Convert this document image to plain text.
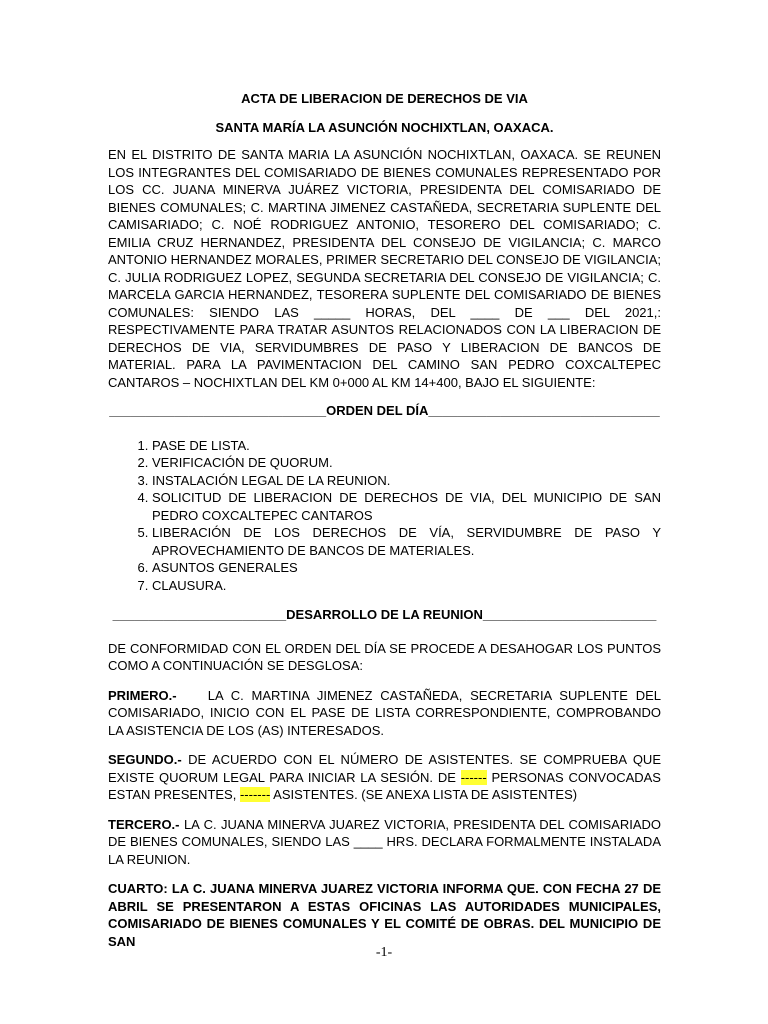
ACTA DE LIBERACION DE DERECHOS DE VIA

SANTA MARÍA LA ASUNCIÓN NOCHIXTLAN, OAXACA.

EN EL DISTRITO DE SANTA MARIA LA ASUNCIÓN NOCHIXTLAN, OAXACA. SE REUNEN LOS INTEGRANTES DEL COMISARIADO DE BIENES COMUNALES REPRESENTADO POR LOS CC. JUANA MINERVA JUÁREZ VICTORIA, PRESIDENTA DEL COMISARIADO DE BIENES COMUNALES; C. MARTINA JIMENEZ CASTAÑEDA, SECRETARIA SUPLENTE DEL CAMISARIADO; C. NOÉ RODRIGUEZ ANTONIO, TESORERO DEL COMISARIADO; C. EMILIA CRUZ HERNANDEZ, PRESIDENTA DEL CONSEJO DE VIGILANCIA; C. MARCO ANTONIO HERNANDEZ MORALES, PRIMER SECRETARIO DEL CONSEJO DE VIGILANCIA; C. JULIA RODRIGUEZ LOPEZ, SEGUNDA SECRETARIA DEL CONSEJO DE VIGILANCIA; C. MARCELA GARCIA HERNANDEZ, TESORERA SUPLENTE DEL COMISARIADO DE BIENES COMUNALES: SIENDO LAS _____ HORAS, DEL ____ DE ___ DEL 2021,: RESPECTIVAMENTE PARA TRATAR ASUNTOS RELACIONADOS CON LA LIBERACION DE DERECHOS DE VIA, SERVIDUMBRES DE PASO Y LIBERACION DE BANCOS DE MATERIAL. PARA LA PAVIMENTACION DEL CAMINO SAN PEDRO COXCALTEPEC CANTAROS – NOCHIXTLAN DEL KM 0+000 AL KM 14+400, BAJO EL SIGUIENTE:

______________________________ORDEN DEL DÍA________________________________

1. PASE DE LISTA.
2. VERIFICACIÓN DE QUORUM.
3. INSTALACIÓN LEGAL DE LA REUNION.
4. SOLICITUD DE LIBERACION DE DERECHOS DE VIA, DEL MUNICIPIO DE SAN PEDRO COXCALTEPEC CANTAROS
5. LIBERACIÓN DE LOS DERECHOS DE VÍA, SERVIDUMBRE DE PASO Y APROVECHAMIENTO DE BANCOS DE MATERIALES.
6. ASUNTOS GENERALES
7. CLAUSURA.

________________________DESARROLLO DE LA REUNION________________________

DE CONFORMIDAD CON EL ORDEN DEL DÍA SE PROCEDE A DESAHOGAR LOS PUNTOS COMO A CONTINUACIÓN SE DESGLOSA:

PRIMERO.-    LA C. MARTINA JIMENEZ CASTAÑEDA, SECRETARIA SUPLENTE DEL COMISARIADO, INICIO CON EL PASE DE LISTA CORRESPONDIENTE, COMPROBANDO LA ASISTENCIA DE LOS (AS) INTERESADOS.

SEGUNDO.- DE ACUERDO CON EL NÚMERO DE ASISTENTES. SE COMPRUEBA QUE EXISTE QUORUM LEGAL PARA INICIAR LA SESIÓN. DE ------ PERSONAS CONVOCADAS ESTAN PRESENTES, ------- ASISTENTES. (SE ANEXA LISTA DE ASISTENTES)

TERCERO.- LA C. JUANA MINERVA JUAREZ VICTORIA, PRESIDENTA DEL COMISARIADO DE BIENES COMUNALES, SIENDO LAS ____ HRS. DECLARA FORMALMENTE INSTALADA LA REUNION.

CUARTO: LA C. JUANA MINERVA JUAREZ VICTORIA INFORMA QUE. CON FECHA 27 DE ABRIL SE PRESENTARON A ESTAS OFICINAS LAS AUTORIDADES MUNICIPALES, COMISARIADO DE BIENES COMUNALES Y EL COMITÉ DE OBRAS. DEL MUNICIPIO DE SAN

-1-
